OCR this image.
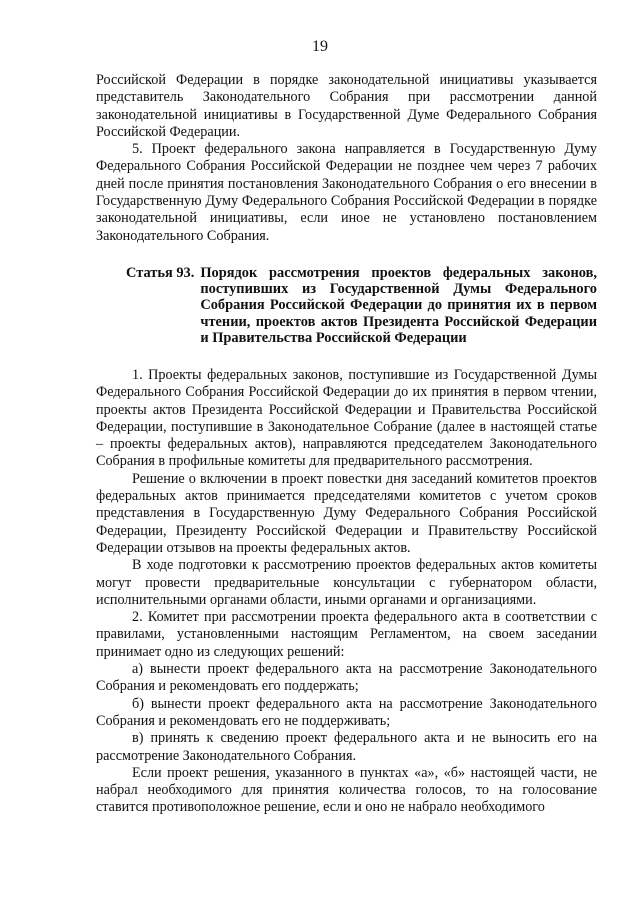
19

Российской Федерации в порядке законодательной инициативы указывается представитель Законодательного Собрания при рассмотрении данной законодательной инициативы в Государственной Думе Федерального Собрания Российской Федерации.

5. Проект федерального закона направляется в Государственную Думу Федерального Собрания Российской Федерации не позднее чем через 7 рабочих дней после принятия постановления Законодательного Собрания о его внесении в Государственную Думу Федерального Собрания Российской Федерации в порядке законодательной инициативы, если иное не установлено постановлением Законодательного Собрания.

Статья 93. Порядок рассмотрения проектов федеральных законов, поступивших из Государственной Думы Федерального Собрания Российской Федерации до принятия их в первом чтении, проектов актов Президента Российской Федерации и Правительства Российской Федерации

1. Проекты федеральных законов, поступившие из Государственной Думы Федерального Собрания Российской Федерации до их принятия в первом чтении, проекты актов Президента Российской Федерации и Правительства Российской Федерации, поступившие в Законодательное Собрание (далее в настоящей статье – проекты федеральных актов), направляются председателем Законодательного Собрания в профильные комитеты для предварительного рассмотрения.

Решение о включении в проект повестки дня заседаний комитетов проектов федеральных актов принимается председателями комитетов с учетом сроков представления в Государственную Думу Федерального Собрания Российской Федерации, Президенту Российской Федерации и Правительству Российской Федерации отзывов на проекты федеральных актов.

В ходе подготовки к рассмотрению проектов федеральных актов комитеты могут провести предварительные консультации с губернатором области, исполнительными органами области, иными органами и организациями.

2. Комитет при рассмотрении проекта федерального акта в соответствии с правилами, установленными настоящим Регламентом, на своем заседании принимает одно из следующих решений:

а) вынести проект федерального акта на рассмотрение Законодательного Собрания и рекомендовать его поддержать;

б) вынести проект федерального акта на рассмотрение Законодательного Собрания и рекомендовать его не поддерживать;

в) принять к сведению проект федерального акта и не выносить его на рассмотрение Законодательного Собрания.

Если проект решения, указанного в пунктах «а», «б» настоящей части, не набрал необходимого для принятия количества голосов, то на голосование ставится противоположное решение, если и оно не набрало необходимого
